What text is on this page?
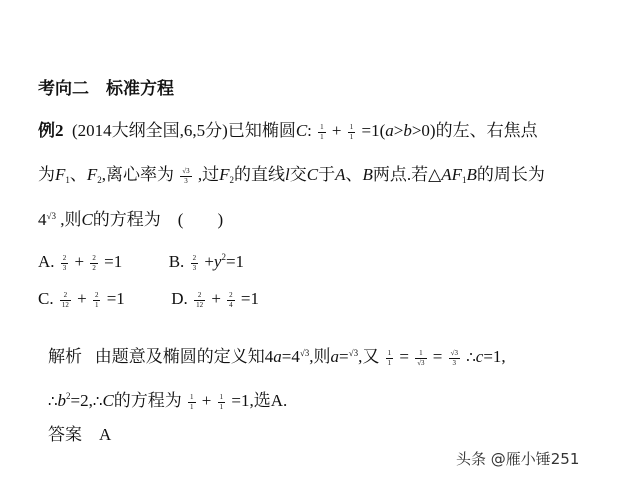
考向二　标准方程
例2 (2014大纲全国,6,5分)已知椭圆C: $\frac{1}{1} + \frac{1}{1} =1(a>b>0)$的左、右焦点
为$F_1$、$F_2$,离心率为 $\frac{√3}{3}$ ,过$F_2$的直线l交C于A、B两点.若$\triangle AF_1B$的周长为
$4^{√3}$ ,则C的方程为　(　　)
A. $\frac{2}{3} + \frac{2}{2} =1$	B. $\frac{2}{3} +y^2=1$
C. $\frac{2}{12} + \frac{2}{1} =1$	D. $\frac{2}{12} + \frac{2}{4} =1$
解析 由题意及椭圆的定义知$4a=4^{√3}$,则a=$^{√3}$,又 $\frac{1}{1} = \frac{1}{√3} = \frac{√3}{3}$ ∴c=1,
$\therefore b^2=2,\therefore C$的方程为 $\frac{1}{1} + \frac{1}{1} =1$,选A.
答案 A
头条 @雁小锤251
